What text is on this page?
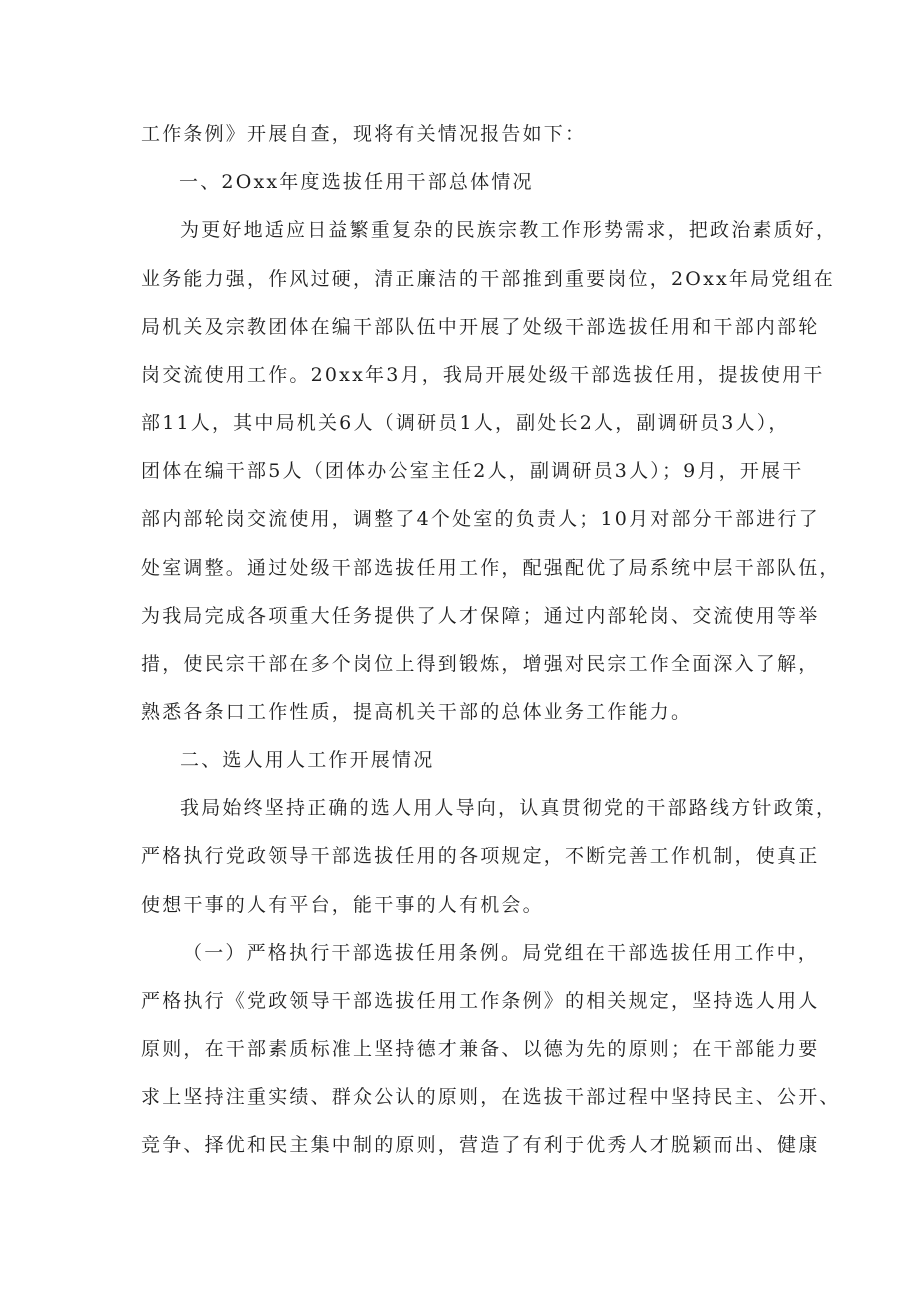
工作条例》开展自查，现将有关情况报告如下：
一、2Oxx年度选拔任用干部总体情况
为更好地适应日益繁重复杂的民族宗教工作形势需求，把政治素质好，
业务能力强，作风过硬，清正廉洁的干部推到重要岗位，2Oxx年局党组在
局机关及宗教团体在编干部队伍中开展了处级干部选拔任用和干部内部轮
岗交流使用工作。20xx年3月，我局开展处级干部选拔任用，提拔使用干
部11人，其中局机关6人（调研员1人，副处长2人，副调研员3人），
团体在编干部5人（团体办公室主任2人，副调研员3人）；9月，开展干
部内部轮岗交流使用，调整了4个处室的负责人；10月对部分干部进行了
处室调整。通过处级干部选拔任用工作，配强配优了局系统中层干部队伍，
为我局完成各项重大任务提供了人才保障；通过内部轮岗、交流使用等举
措，使民宗干部在多个岗位上得到锻炼，增强对民宗工作全面深入了解，
熟悉各条口工作性质，提高机关干部的总体业务工作能力。
二、选人用人工作开展情况
我局始终坚持正确的选人用人导向，认真贯彻党的干部路线方针政策，
严格执行党政领导干部选拔任用的各项规定，不断完善工作机制，使真正
使想干事的人有平台，能干事的人有机会。
（一）严格执行干部选拔任用条例。局党组在干部选拔任用工作中，
严格执行《党政领导干部选拔任用工作条例》的相关规定，坚持选人用人
原则，在干部素质标准上坚持德才兼备、以德为先的原则；在干部能力要
求上坚持注重实绩、群众公认的原则，在选拔干部过程中坚持民主、公开、
竞争、择优和民主集中制的原则，营造了有利于优秀人才脱颖而出、健康
